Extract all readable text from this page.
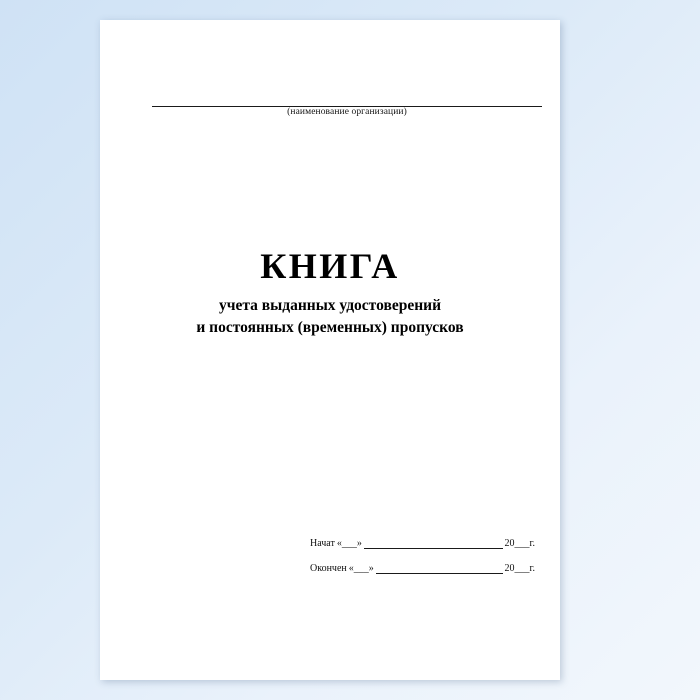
(наименование организации)
КНИГА
учета выданных удостоверений
и постоянных (временных) пропусков
Начат «___»	20___г.
Окончен «___»	20___г.
